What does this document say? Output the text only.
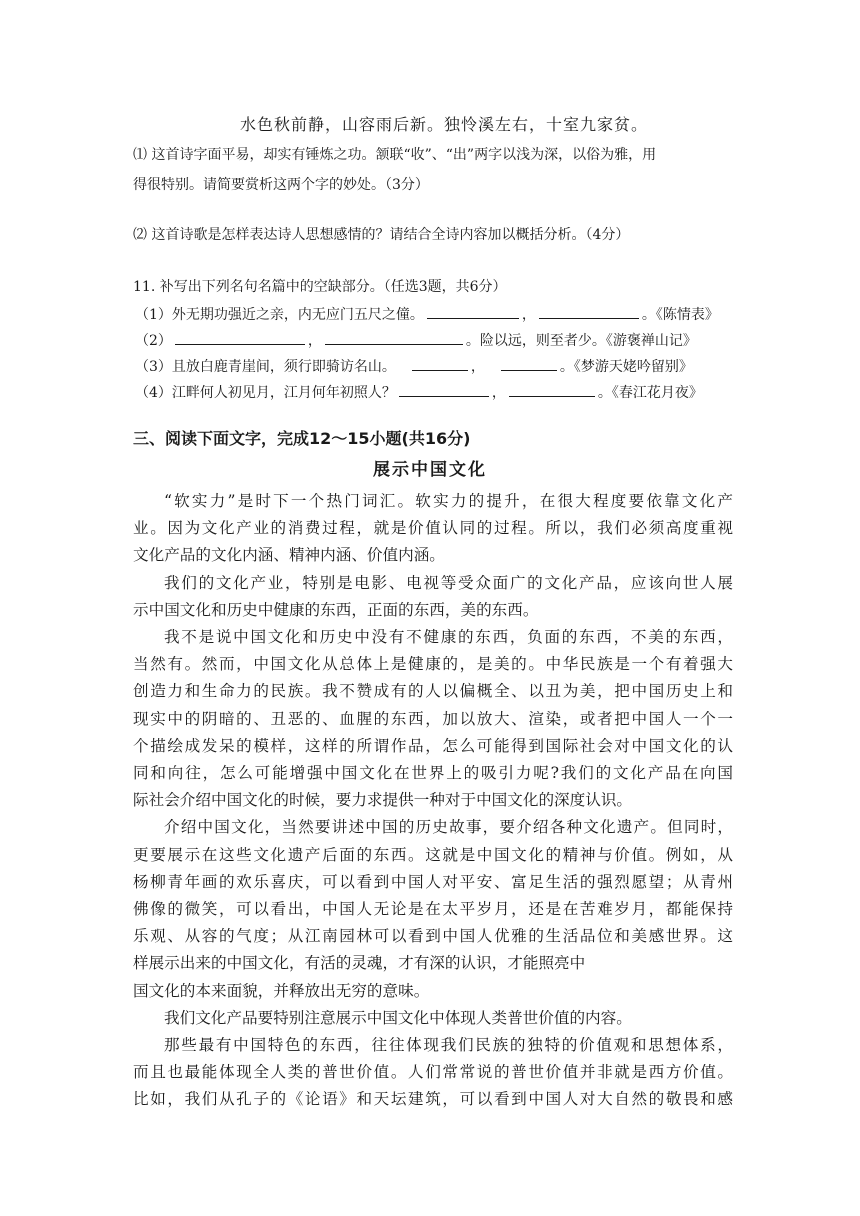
水色秋前静，山容雨后新。独怜溪左右，十室九家贫。
⑴ 这首诗字面平易，却实有锤炼之功。颔联“收”、“出”两字以浅为深，以俗为雅，用
得很特别。请简要赏析这两个字的妙处。（3分）
⑵ 这首诗歌是怎样表达诗人思想感情的？请结合全诗内容加以概括分析。（4分）
11. 补写出下列名句名篇中的空缺部分。（任选3题，共6分）
（1）外无期功强近之亲，内无应门五尺之僮。	，	。《陈情表》
（2）	，	。险以远，则至者少。《游褒禅山记》
（3）且放白鹿青崖间，须行即骑访名山。	，	。《梦游天姥吟留别》
（4）江畔何人初见月，江月何年初照人？	，	。《春江花月夜》
三、阅读下面文字，完成12～15小题(共16分)
展示中国文化
“软实力”是时下一个热门词汇。软实力的提升，在很大程度要依靠文化产
业。因为文化产业的消费过程，就是价值认同的过程。所以，我们必须高度重视
文化产品的文化内涵、精神内涵、价值内涵。
我们的文化产业，特别是电影、电视等受众面广的文化产品，应该向世人展
示中国文化和历史中健康的东西，正面的东西，美的东西。
我不是说中国文化和历史中没有不健康的东西，负面的东西，不美的东西，
当然有。然而，中国文化从总体上是健康的，是美的。中华民族是一个有着强大
创造力和生命力的民族。我不赞成有的人以偏概全、以丑为美，把中国历史上和
现实中的阴暗的、丑恶的、血腥的东西，加以放大、渲染，或者把中国人一个一
个描绘成发呆的模样，这样的所谓作品，怎么可能得到国际社会对中国文化的认
同和向往，怎么可能增强中国文化在世界上的吸引力呢?我们的文化产品在向国
际社会介绍中国文化的时候，要力求提供一种对于中国文化的深度认识。
介绍中国文化，当然要讲述中国的历史故事，要介绍各种文化遗产。但同时，
更要展示在这些文化遗产后面的东西。这就是中国文化的精神与价值。例如，从
杨柳青年画的欢乐喜庆，可以看到中国人对平安、富足生活的强烈愿望；从青州
佛像的微笑，可以看出，中国人无论是在太平岁月，还是在苦难岁月，都能保持
乐观、从容的气度；从江南园林可以看到中国人优雅的生活品位和美感世界。这
样展示出来的中国文化，有活的灵魂，才有深的认识，才能照亮中
国文化的本来面貌，并释放出无穷的意味。
我们文化产品要特别注意展示中国文化中体现人类普世价值的内容。
那些最有中国特色的东西，往往体现我们民族的独特的价值观和思想体系，
而且也最能体现全人类的普世价值。人们常常说的普世价值并非就是西方价值。
比如，我们从孔子的《论语》和天坛建筑，可以看到中国人对大自然的敬畏和感
